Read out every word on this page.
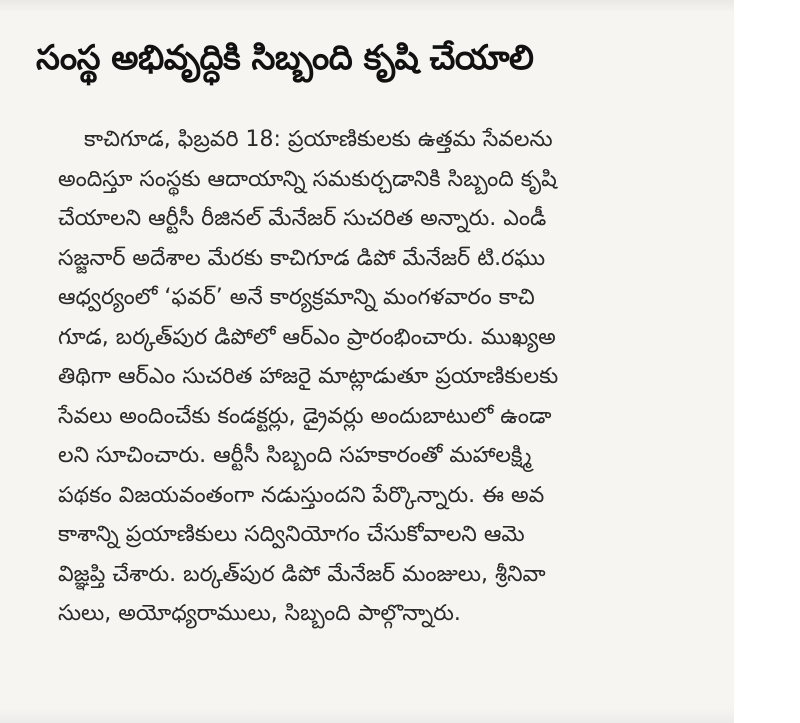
సంస్థ అభివృద్ధికి సిబ్బంది కృషి చేయాలి
కాచిగూడ, ఫిబ్రవరి 18: ప్రయాణికులకు ఉత్తమ సేవలను
అందిస్తూ సంస్థకు ఆదాయాన్ని సమకుర్చడానికి సిబ్బంది కృషి
చేయాలని ఆర్టీసీ రీజినల్ మేనేజర్ సుచరిత అన్నారు. ఎండీ
సజ్జనార్ అదేశాల మేరకు కాచిగూడ డిపో మేనేజర్ టి.రఘు
ఆధ్వర్యంలో ‘ఫవర్’ అనే కార్యక్రమాన్ని మంగళవారం కాచి
గూడ, బర్కత్‌పుర డిపోలో ఆర్‌ఎం ప్రారంభించారు. ముఖ్యఅ
తిథిగా ఆర్‌ఎం సుచరిత హాజరై మాట్లాడుతూ ప్రయాణికులకు
సేవలు అందించేకు కండక్టర్లు, డ్రైవర్లు అందుబాటులో ఉండా
లని సూచించారు. ఆర్టీసీ సిబ్బంది సహకారంతో మహాలక్ష్మి
పథకం విజయవంతంగా నడుస్తుందని పేర్కొన్నారు. ఈ అవ
కాశాన్ని ప్రయాణికులు సద్వినియోగం చేసుకోవాలని ఆమె
విజ్ఞప్తి చేశారు. బర్కత్‌పుర డిపో మేనేజర్ మంజులు, శ్రీనివా
సులు, అయోధ్యరాములు, సిబ్బంది పాల్గొన్నారు.
